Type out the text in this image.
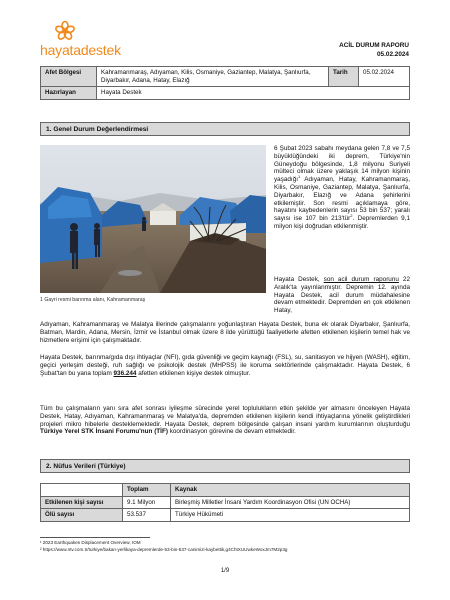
hayatadestek	ACİL DURUM RAPORU
05.02.2024
Afet Bölgesi	Kahramanmaraş, Adıyaman, Kilis, Osmaniye, Gaziantep, Malatya, Şanlıurfa, Diyarbakır, Adana, Hatay, Elazığ	Tarih	05.02.2024
Hazırlayan	Hayata Destek		
1. Genel Durum Değerlendirmesi
1 Gayri resmi barınma alanı, Kahramanmaraş
6 Şubat 2023 sabahı meydana gelen 7,8 ve 7,5 büyüklüğündeki iki deprem, Türkiye'nin Güneydoğu bölgesinde, 1,8 milyonu Suriyeli mülteci olmak üzere yaklaşık 14 milyon kişinin yaşadığı$^1$ Adıyaman, Hatay, Kahramanmaraş, Kilis, Osmaniye, Gaziantep, Malatya, Şanlıurfa, Diyarbakır, Elazığ ve Adana şehirlerini etkilemiştir. Son resmi açıklamaya göre, hayatını kaybedenlerin sayısı 53 bin 537; yaralı sayısı ise 107 bin 213'tür$^2$. Depremlerden 9,1 milyon kişi doğrudan etkilenmiştir.
Hayata Destek, son acil durum raporunu 22 Aralık'ta yayınlanmıştır. Depremin 12. ayında Hayata Destek, acil durum müdahalesine devam etmektedir. Depremden en çok etkilenen Hatay,
Adıyaman, Kahramanmaraş ve Malatya illerinde çalışmalarını yoğunlaştıran Hayata Destek, buna ek olarak Diyarbakır, Şanlıurfa, Batman, Mardin, Adana, Mersin, İzmir ve İstanbul olmak üzere 8 ilde yürüttüğü faaliyetlerle afetten etkilenen kişilerin temel hak ve hizmetlere erişimi için çalışmaktadır.
Hayata Destek, barınma/gıda dışı ihtiyaçlar (NFI), gıda güvenliği ve geçim kaynağı (FSL), su, sanitasyon ve hijyen (WASH), eğitim, geçici yerleşim desteği, ruh sağlığı ve psikolojik destek (MHPSS) ile koruma sektörlerinde çalışmaktadır. Hayata Destek, 6 Şubat'tan bu yana toplam 936.244 afetten etkilenen kişiye destek olmuştur.
Tüm bu çalışmaların yanı sıra afet sonrası iyileşme sürecinde yerel toplulukların etkin şekilde yer almasını önceleyen Hayata Destek, Hatay, Adıyaman, Kahramanmaraş ve Malatya'da, depremden etkilenen kişilerin kendi ihtiyaçlarına yönelik geliştirdikleri projeleri mikro hibelerle desteklemektedir. Hayata Destek, deprem bölgesinde çalışan insani yardım kurumlarının oluşturduğu Türkiye Yerel STK İnsani Forumu'nun (TİF) koordinasyon görevine de devam etmektedir.
2. Nüfus Verileri (Türkiye)
	Toplam	Kaynak
Etkilenen kişi sayısı	9.1 Milyon	Birleşmiş Milletler İnsani Yardım Koordinasyon Ofisi (UN OCHA)
Ölü sayısı	53.537	Türkiye Hükümeti
¹ 2023 Earthquakes Displacement Overview, IOM
² https://www.ntv.com.tr/turkiye/bakan-yerlikaya-depremlerde-53-bin-537-canimizi-kaybettik,g4ChtXUUwkeWoxJm7M2p3g
1/9
